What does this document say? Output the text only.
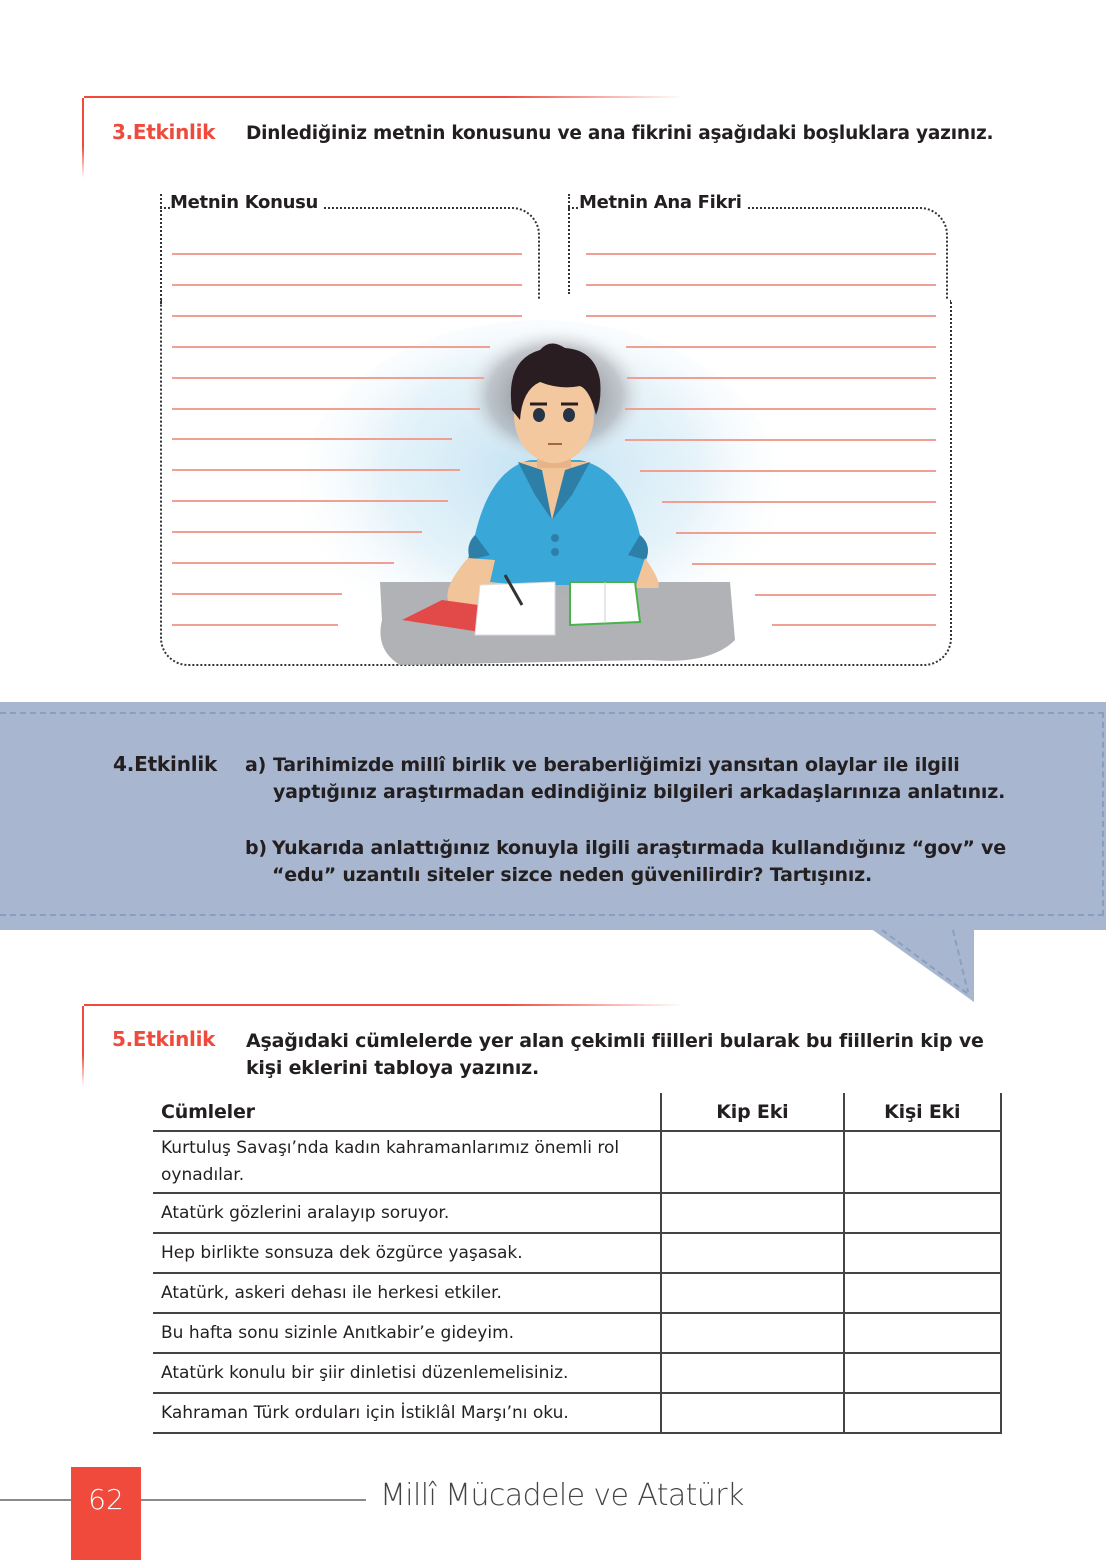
3.Etkinlik Dinlediğiniz metnin konusunu ve ana fikrini aşağıdaki boşluklara yazınız.
Metnin Konusu	Metnin Ana Fikri
4.Etkinlik a) Tarihimizde millî birlik ve beraberliğimizi yansıtan olaylar ile ilgili
yaptığınız araştırmadan edindiğiniz bilgileri arkadaşlarınıza anlatınız.
b) Yukarıda anlattığınız konuyla ilgili araştırmada kullandığınız “gov” ve
“edu” uzantılı siteler sizce neden güvenilirdir? Tartışınız.
5.Etkinlik Aşağıdaki cümlelerde yer alan çekimli fiilleri bularak bu fiillerin kip ve
kişi eklerini tabloya yazınız.
Cümleler	Kip Eki	Kişi Eki
Kurtuluş Savaşı’nda kadın kahramanlarımız önemli rol oynadılar.		
Atatürk gözlerini aralayıp soruyor.		
Hep birlikte sonsuza dek özgürce yaşasak.		
Atatürk, askeri dehası ile herkesi etkiler.		
Bu hafta sonu sizinle Anıtkabir’e gideyim.		
Atatürk konulu bir şiir dinletisi düzenlemelisiniz.		
Kahraman Türk orduları için İstiklâl Marşı’nı oku.		
62	Millî Mücadele ve Atatürk
